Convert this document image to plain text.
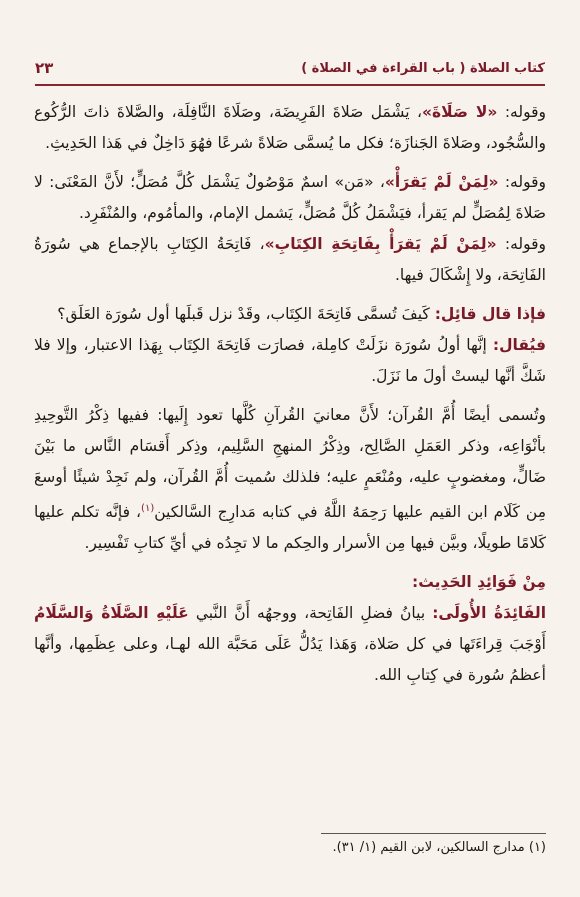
كتاب الصلاة ( باب القراءة في الصلاة )
٢٣

وقوله: «لا صَلَاةَ»، يَشْمَل صَلاةَ الفَرِيضَة، وصَلَاةَ النَّافِلَة، والصَّلاةَ ذاتَ الرُّكُوع والسُّجُود، وصَلاةَ الجَنازَة؛ فكل ما يُسمَّى صَلاةً شرعًا فهُوَ دَاخِلٌ في هَذا الحَدِيثِ.

وقوله: «لِمَنْ لَمْ يَقرَأْ»، «مَن» اسمٌ مَوْصُولٌ يَشْمَل كُلَّ مُصَلٍّ؛ لأَنَّ المَعْنَى: لا صَلاةَ لِمُصَلٍّ لم يَقرأ، فيَشْمَلُ كُلَّ مُصَلٍّ، يَشمل الإمام، والمأمُوم، والمُنْفَرِد.

وقوله: «لِمَنْ لَمْ يَقرَأْ بِفَاتِحَةِ الكِتَابِ»، فَاتِحَةُ الكِتَابِ بالإجماع هي سُورَةُ الفَاتِحَة، ولا إِشْكَالَ فيها.

فإذا قال قائِل: كَيفَ تُسمَّى فَاتِحَةَ الكِتَاب، وقَدْ نزل قَبلَها أول سُورَة العَلَق؟

فيُقال: إنَّها أولُ سُورَة نزَلَتْ كامِلة، فصارَت فَاتِحَةَ الكِتَاب بِهَذا الاعتبار، وإلا فلا شَكَّ أنَّها ليستْ أولَ ما نَزَلَ.

وتُسمى أيضًا أُمَّ القُرآن؛ لأَنَّ معانيَ القُرآنِ كُلَّها تعود إِلَيها: ففيها ذِكْرُ التَّوحِيدِ بأنْوَاعِه، وذكر العَمَلِ الصَّالِح، وذِكْرُ المنهجِ السَّلِيم، وذِكر أَقسَام النَّاس ما بَيْنَ ضَالٍّ، ومغضوبٍ عليه، ومُنْعَمٍ عليه؛ فلذلك سُميت أُمَّ القُرآن، ولم نَجِدْ شيئًا أوسعَ مِن كَلَام ابن القيم عليها رَحِمَهُ اللَّهُ في كتابه مَدارِج السَّالكين$^{(١)}$، فإنَّه تكلم عليها كَلامًا طويلًا، وبيَّن فيها مِن الأسرار والحِكم ما لا تجِدُه في أيِّ كتابِ تَفْسِير.

مِنْ فَوَائِدِ الحَدِيث:

الفَائِدَةُ الأُولَى: بيانُ فضلِ الفَاتِحة، ووجهُه أَنَّ النَّبي عَلَيْهِ الصَّلَاةُ وَالسَّلَامُ أَوْجَبَ قِراءَتَها في كل صَلاة، وَهَذا يَدُلُّ عَلَى مَحَبَّة الله لهـا، وعلى عِظَمِها، وأنَّها أعظمُ سُورة في كِتابِ الله.

(١) مدارج السالكين، لابن القيم (١/ ٣١).
